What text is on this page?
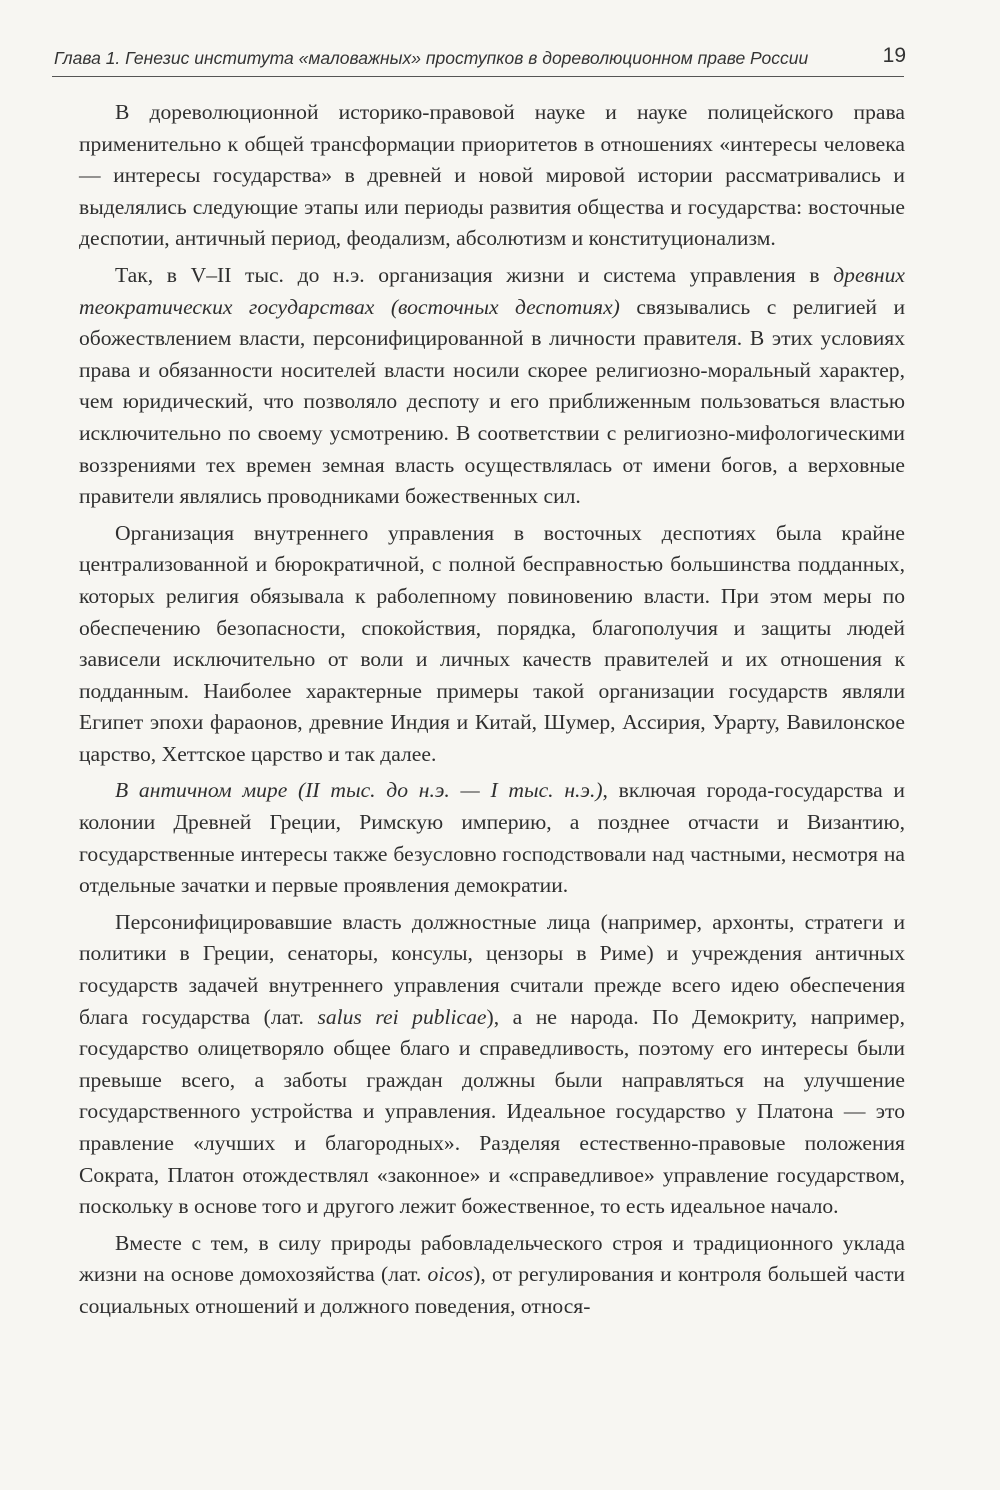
Глава 1. Генезис института «маловажных» проступков в дореволюционном праве России	19

В дореволюционной историко-правовой науке и науке полицейского права применительно к общей трансформации приоритетов в отношениях «интересы человека — интересы государства» в древней и новой мировой истории рассматривались и выделялись следующие этапы или периоды развития общества и государства: восточные деспотии, античный период, феодализм, абсолютизм и конституционализм.

Так, в V–II тыс. до н.э. организация жизни и система управления в древних теократических государствах (восточных деспотиях) связывались с религией и обожествлением власти, персонифицированной в личности правителя. В этих условиях права и обязанности носителей власти носили скорее религиозно-моральный характер, чем юридический, что позволяло деспоту и его приближенным пользоваться властью исключительно по своему усмотрению. В соответствии с религиозно-мифологическими воззрениями тех времен земная власть осуществлялась от имени богов, а верховные правители являлись проводниками божественных сил.

Организация внутреннего управления в восточных деспотиях была крайне централизованной и бюрократичной, с полной бесправностью большинства подданных, которых религия обязывала к раболепному повиновению власти. При этом меры по обеспечению безопасности, спокойствия, порядка, благополучия и защиты людей зависели исключительно от воли и личных качеств правителей и их отношения к подданным. Наиболее характерные примеры такой организации государств являли Египет эпохи фараонов, древние Индия и Китай, Шумер, Ассирия, Урарту, Вавилонское царство, Хеттское царство и так далее.

В античном мире (II тыс. до н.э. — I тыс. н.э.), включая города-государства и колонии Древней Греции, Римскую империю, а позднее отчасти и Византию, государственные интересы также безусловно господствовали над частными, несмотря на отдельные зачатки и первые проявления демократии.

Персонифицировавшие власть должностные лица (например, архонты, стратеги и политики в Греции, сенаторы, консулы, цензоры в Риме) и учреждения античных государств задачей внутреннего управления считали прежде всего идею обеспечения блага государства (лат. salus rei publicae), а не народа. По Демокриту, например, государство олицетворяло общее благо и справедливость, поэтому его интересы были превыше всего, а заботы граждан должны были направляться на улучшение государственного устройства и управления. Идеальное государство у Платона — это правление «лучших и благородных». Разделяя естественно-правовые положения Сократа, Платон отождествлял «законное» и «справедливое» управление государством, поскольку в основе того и другого лежит божественное, то есть идеальное начало.

Вместе с тем, в силу природы рабовладельческого строя и традиционного уклада жизни на основе домохозяйства (лат. oicos), от регулирования и контроля большей части социальных отношений и должного поведения, относя-
